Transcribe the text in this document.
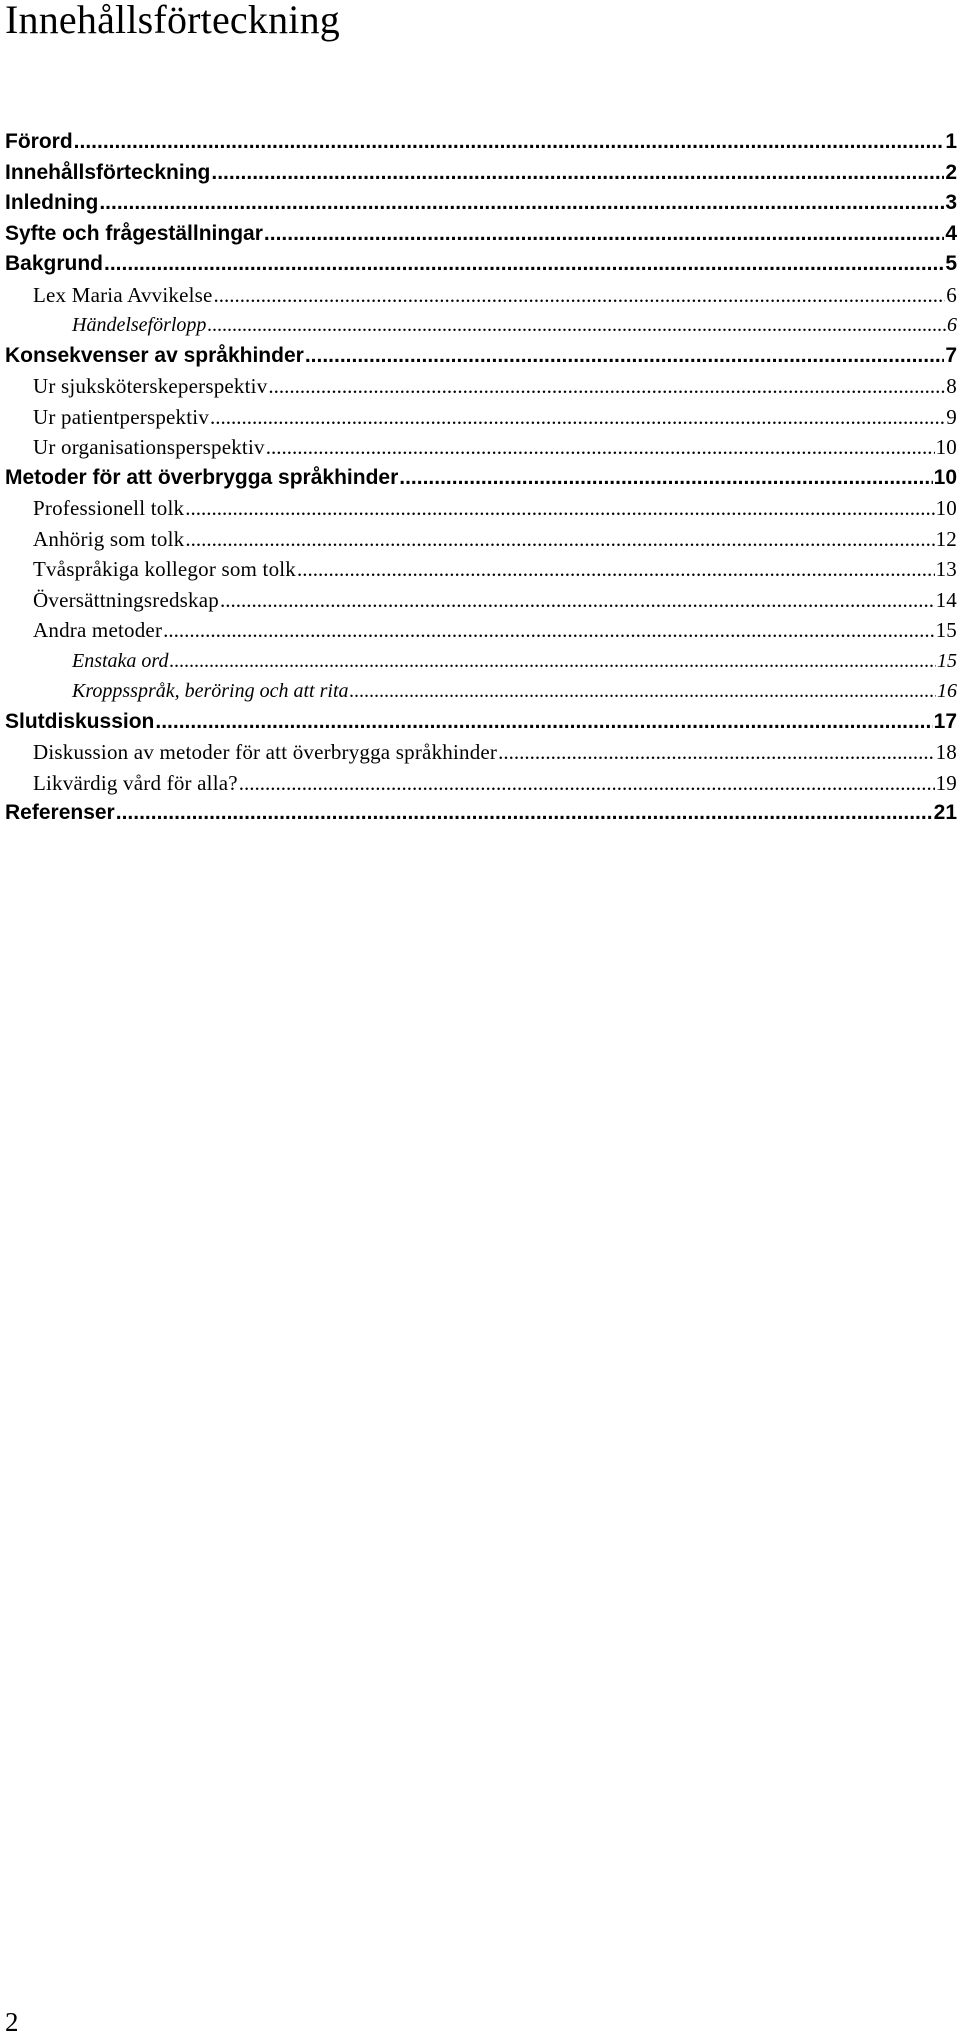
Innehållsförteckning
Förord .....	1
Innehållsförteckning .....	2
Inledning .....	3
Syfte och frågeställningar .....	4
Bakgrund .....	5
Lex Maria Avvikelse .....	6
Händelseförlopp .....	6
Konsekvenser av språkhinder .....	7
Ur sjuksköterskeperspektiv .....	8
Ur patientperspektiv .....	9
Ur organisationsperspektiv .....	10
Metoder för att överbrygga språkhinder .....	10
Professionell tolk .....	10
Anhörig som tolk .....	12
Tvåspråkiga kollegor som tolk .....	13
Översättningsredskap .....	14
Andra metoder .....	15
Enstaka ord .....	15
Kroppsspråk, beröring och att rita .....	16
Slutdiskussion .....	17
Diskussion av metoder för att överbrygga språkhinder .....	18
Likvärdig vård för alla? .....	19
Referenser .....	21
2
